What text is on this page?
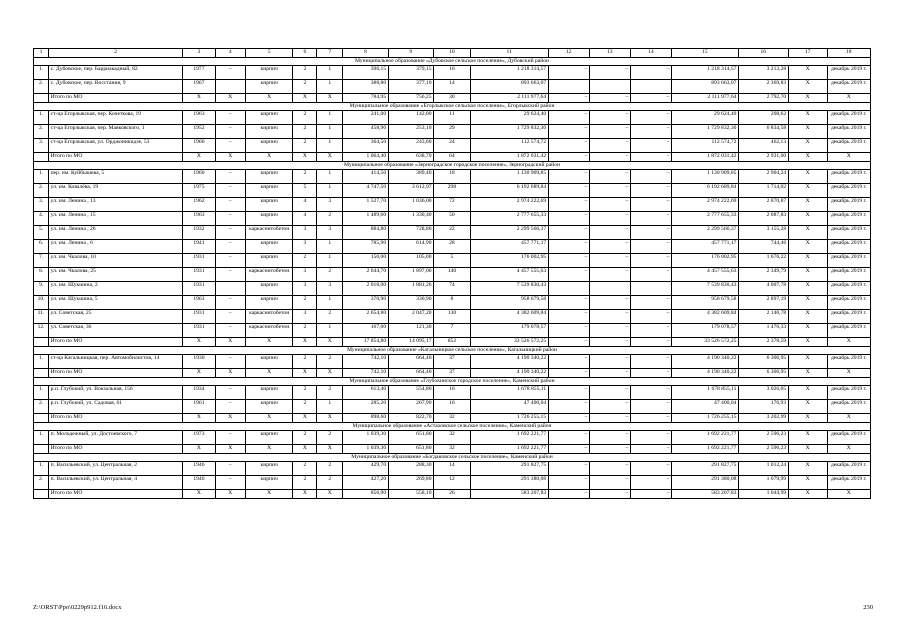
1	2	3	4	5	6	7	8	9	10	11	12	13	14	15	16	17	18
Муниципальное образование «Дубовское сельское поселение», Дубовский район																	
1.	с. Дубовское, пер. Барриакадный, 82	1977	–	кирпич	2	1	396,15	379,15	16	1 218 314,57	–	–	–	1 218 314,57	3 213,28	Х	декабрь 2019 г.
2.	с. Дубовское, пер. Восстания, 9	1967		кирпич	2	1	388,80	377,10	14	893 663,07				893 663,07	2 369,83	Х	декабрь 2019 г.
	Итого по МО	Х	Х	Х	Х	Х	784,95	756,25	30	2 111 977,64	–	–	–	2 111 977,64	2 792,70	Х	Х
Муниципальное образование «Егорлыкское сельское поселение», Егорлыкский район																	
1.	ст-ца Егорлыкская, пер. Кочеткова, 19	1963	–	кирпич	2	1	241,00	142,00	11	29 624,40	–	–	–	29 624,40	208,62	Х	декабрь 2019 г.
2.	ст-ца Егорлыкская, пер. Маяковского, 1	1952	–	кирпич	2	1	458,90	253,10	29	1 729 832,30	–	–	–	1 729 832,30	6 834,58	Х	декабрь 2019 г.
3.	ст-ца Егорлыкская, ул. Орджоникидзе, 53	1966	–	кирпич	2	1	364,50	243,60	24	112 574,72	–	–	–	112 574,72	462,13	Х	декабрь 2019 г.
	Итого по МО	Х	Х	Х	Х	Х	1 064,40	638,70	64	1 872 031,42	–	–	–	1 872 031,42	2 931,00	Х	Х
Муниципальное образование «Зерноградское городское поселение», Зерноградский район																	
1.	пер. им. Куйбышева, 5	1960	–	кирпич	2	1	414,50	389,40	18	1 130 909,85	–	–	–	1 130 909,85	2 904,24	Х	декабрь 2019 г.
2.	ул. им. Ковалёва, 19	1975	–	кирпич	5	1	4 747,50	3 612,97	298	6 192 689,84	–	–	–	6 192 689,84	1 714,02	Х	декабрь 2019 г.
3.	ул. им. Ленина , 13	1962	–	кирпич	4	3	1 527,70	1 036,00	72	2 974 222,69	–	–	–	2 974 222,69	2 870,87	Х	декабрь 2019 г.
4.	ул. им. Ленина , 15	1963	–	кирпич	4	2	1 489,60	1 330,40	50	2 777 655,33	–	–	–	2 777 655,33	2 087,83	Х	декабрь 2019 г.
5.	ул. им. Ленина , 26	1932	–	каркаснитобетон	3	3	884,80	728,80	22	2 299 566,37	–	–	–	2 299 566,37	3 155,28	Х	декабрь 2019 г.
6.	ул. им. Ленина , 6	1941	–	кирпич	3	1	785,90	614,90	28	457 771,17	–	–	–	457 771,17	744,46	Х	декабрь 2019 г.
7.	ул. им. Чкалова, 10	1931	–	кирпич	2	1	150,00	105,00	5	176 002,95	–	–	–	176 002,95	1 676,22	Х	декабрь 2019 г.
8.	ул. им. Чкалова, 25	1931	–	каркаснитобетон	3	2	2 644,70	1 897,00	140	4 457 555,63	–	–	–	4 457 555,63	2 349,79	Х	декабрь 2019 г.
9.	ул. им. Шукшина, 2	1931		кирпич	3	3	2 018,00	1 881,26	74	7 539 830,43				7 539 830,43	4 007,78	Х	декабрь 2019 г.
10.	ул. им. Шукшина, 5	1963	–	кирпич	2	1	370,90	330,90	8	958 679,58	–	–	–	958 679,58	2 897,19	Х	декабрь 2019 г.
11.	ул. Советская, 25	1931	–	каркаснитобетон	3	2	2 654,80	2 047,20	130	4 382 609,84	–	–	–	4 382 609,84	2 140,78	Х	декабрь 2019 г.
12.	ул. Советская, 36	1931	–	каркаснитобетон	2	1	167,00	121,30	7	179 078,57	–	–	–	179 078,57	1 476,33	Х	декабрь 2019 г.
	Итого по МО	Х	Х	Х	Х	Х	17 854,80	14 095,17	852	33 526 572,25	–	–	–	33 526 572,25	2 378,59	Х	Х
Муниципальное образование «Кагальницкое сельское поселение», Кагальницкий район																	
1.	ст-ца Кагальницкая, пер. Автомобилистов, 14	1930	–	кирпич	2	2	742,10	664,40	37	4 190 340,22	–	–	–	4 190 340,22	6 306,95	Х	декабрь 2019 г.
	Итого по МО	Х	Х	Х	Х	Х	742,10	664,40	37	4 190 340,22	–	–	–	4 190 340,22	6 306,95	Х	Х
Муниципальное образование «Глубокинское городское поселение», Каменский район																	
1.	р.п. Глубокий, ул. Вокзальная, 156	1934	–	кирпич	2	2	613,40	554,80	16	1 678 855,11	–	–	–	1 678 855,11	3 026,05	Х	декабрь 2019 г.
2.	р.п. Глубокий, ул. Садовая, 61	1961	–	кирпич	2	1	285,20	267,90	16	47 400,04	–	–	–	47 400,04	176,93	Х	декабрь 2019 г.
	Итого по МО	Х	Х	Х	Х	Х	898,60	822,70	32	1 726 255,15	–	–	–	1 726 255,15	3 202,99	Х	Х
Муниципальное образование «Астаховское сельское поселение», Каменский район																	
1.	п. Молодежный, ул. Достоевского, 7	1973	–	кирпич	2	2	1 039,30	651,80	32	1 692 221,77	–	–	–	1 692 221,77	2 596,23	Х	декабрь 2019 г.
	Итого по МО	Х	Х	Х	Х	Х	1 039,30	651,80	32	1 692 221,77	–	–	–	1 692 221,77	2 596,23	Х	Х
Муниципальное образование «Богдановское сельское поселение», Каменский район																	
1.	п. Васильевский, ул. Центральная, 2	1946	–	кирпич	2	2	429,70	288,30	14	291 827,75	–	–	–	291 827,75	1 012,24	Х	декабрь 2019 г.
2.	п. Васильевский, ул. Центральная, 4	1946	–	кирпич	2	2	427,20	269,80	12	291 380,08	–	–	–	291 380,08	1 079,99	Х	декабрь 2019 г.
	Итого по МО	Х	Х	Х	Х	Х	856,90	558,10	26	583 207,83	–	–	–	583 207,83	1 044,99	Х	Х
Z:\ORST\Ppo\0229p912.f16.docx	230
